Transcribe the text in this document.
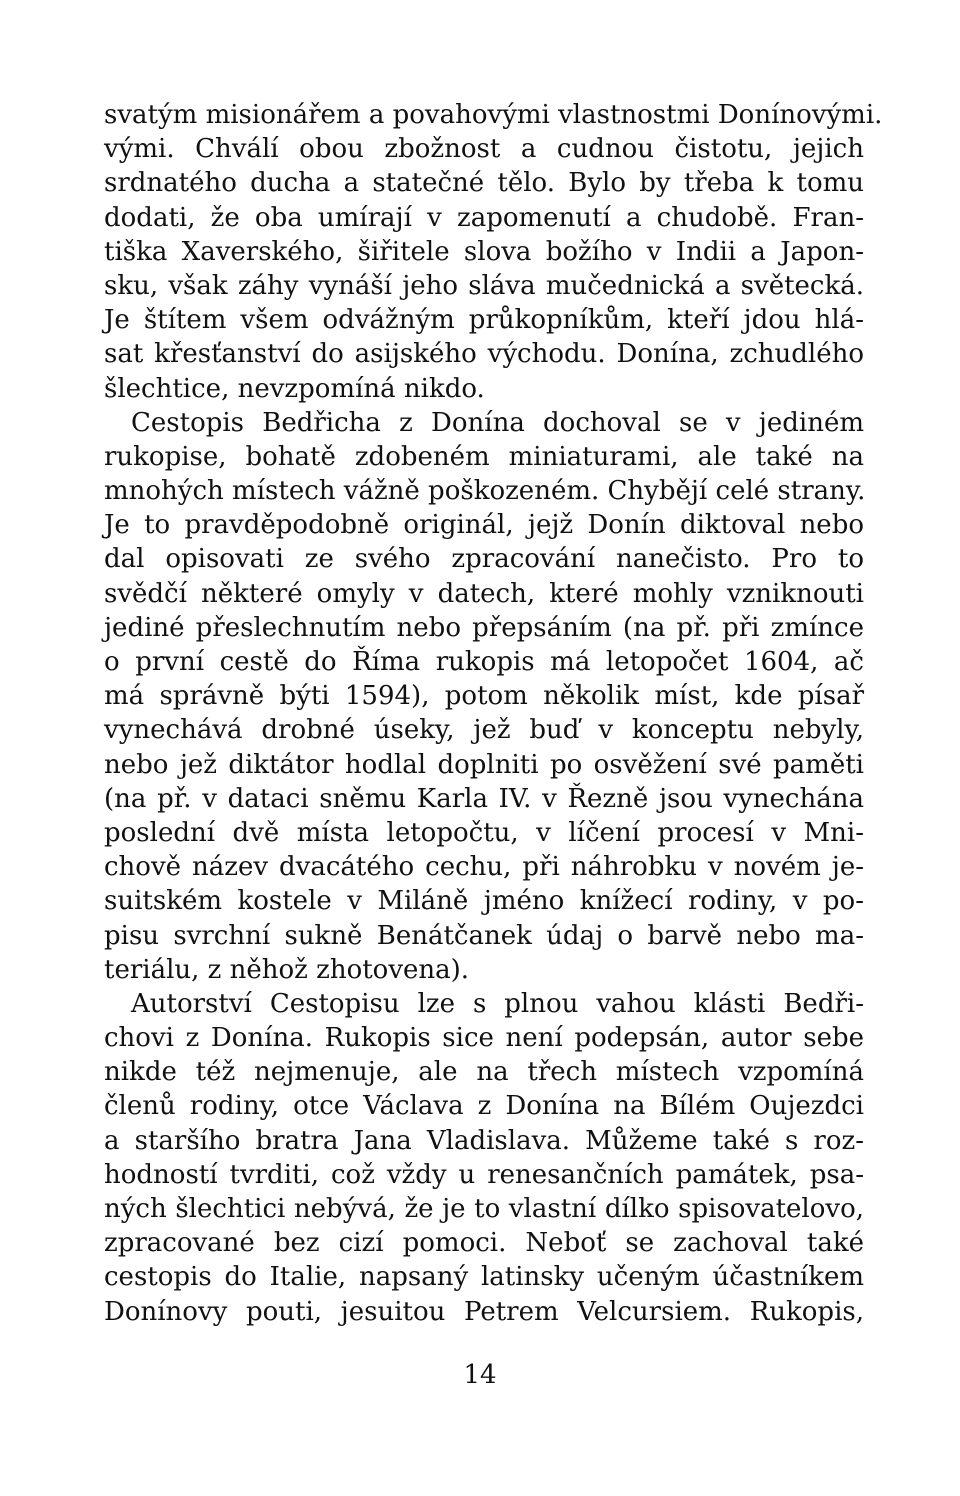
svatým misionářem a povahovými vlastnostmi Donínovými.
vými. Chválí obou zbožnost a cudnou čistotu, jejich
srdnatého ducha a statečné tělo. Bylo by třeba k tomu
dodati, že oba umírají v zapomenutí a chudobě. Fran-
tiška Xaverského, šiřitele slova božího v Indii a Japon-
sku, však záhy vynáší jeho sláva mučednická a světecká.
Je štítem všem odvážným průkopníkům, kteří jdou hlá-
sat křesťanství do asijského východu. Donína, zchudlého
šlechtice, nevzpomíná nikdo.
Cestopis Bedřicha z Donína dochoval se v jediném
rukopise, bohatě zdobeném miniaturami, ale také na
mnohých místech vážně poškozeném. Chybějí celé strany.
Je to pravděpodobně originál, jejž Donín diktoval nebo
dal opisovati ze svého zpracování nanečisto. Pro to
svědčí některé omyly v datech, které mohly vzniknouti
jediné přeslechnutím nebo přepsáním (na př. při zmínce
o první cestě do Říma rukopis má letopočet 1604, ač
má správně býti 1594), potom několik míst, kde písař
vynechává drobné úseky, jež buď v konceptu nebyly,
nebo jež diktátor hodlal doplniti po osvěžení své paměti
(na př. v dataci sněmu Karla IV. v Řezně jsou vynechána
poslední dvě místa letopočtu, v líčení procesí v Mni-
chově název dvacátého cechu, při náhrobku v novém je-
suitském kostele v Miláně jméno knížecí rodiny, v po-
pisu svrchní sukně Benátčanek údaj o barvě nebo ma-
teriálu, z něhož zhotovena).
Autorství Cestopisu lze s plnou vahou klásti Bedři-
chovi z Donína. Rukopis sice není podepsán, autor sebe
nikde též nejmenuje, ale na třech místech vzpomíná
členů rodiny, otce Václava z Donína na Bílém Oujezdci
a staršího bratra Jana Vladislava. Můžeme také s roz-
hodností tvrditi, což vždy u renesančních památek, psa-
ných šlechtici nebývá, že je to vlastní dílko spisovatelovo,
zpracované bez cizí pomoci. Neboť se zachoval také
cestopis do Italie, napsaný latinsky učeným účastníkem
Donínovy pouti, jesuitou Petrem Velcursiem. Rukopis,
14
